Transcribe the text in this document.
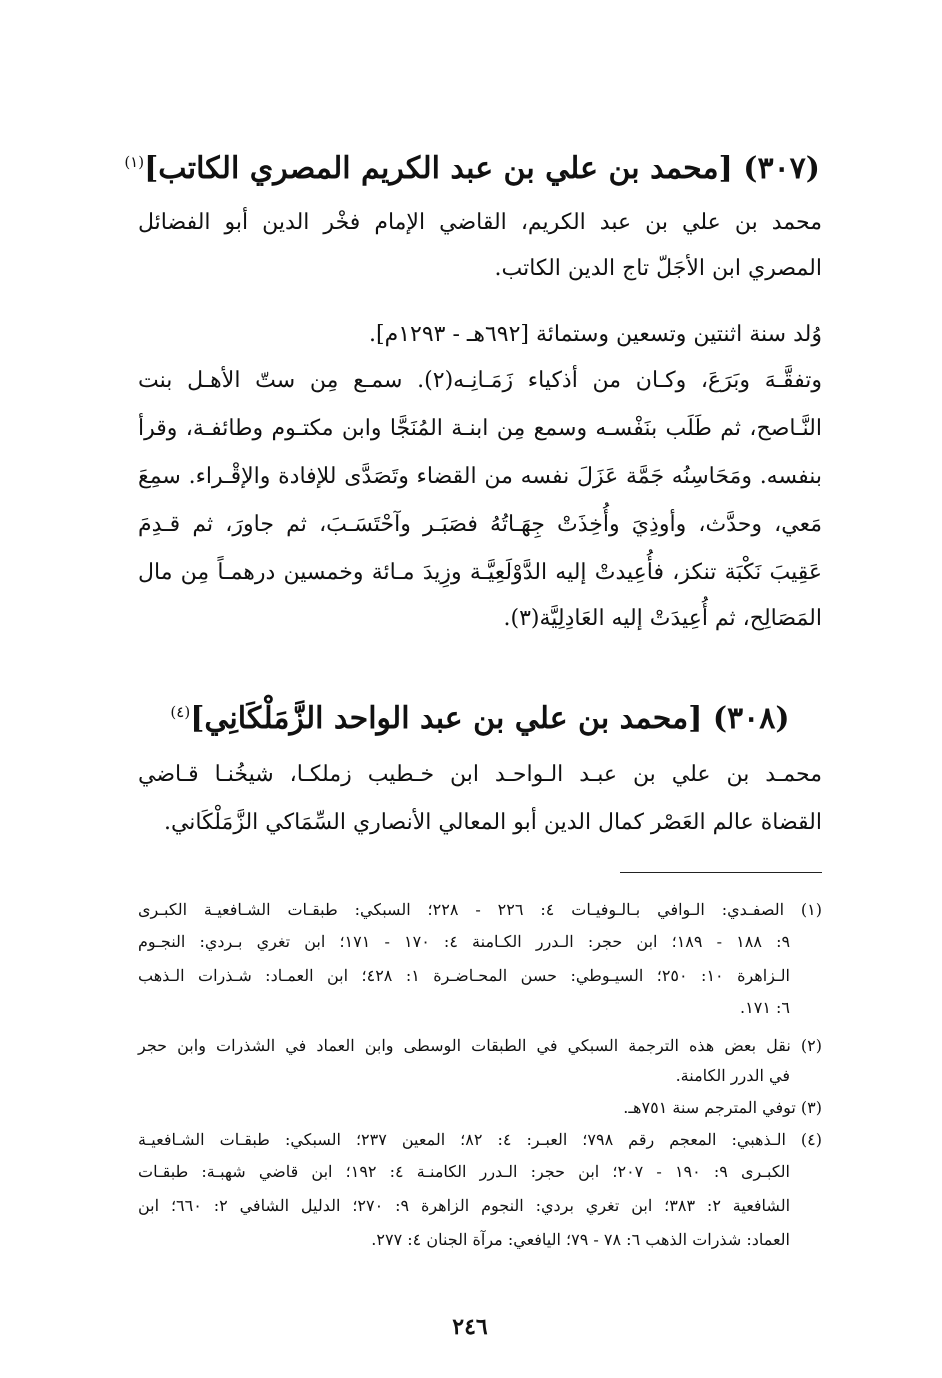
(٣٠٧) [محمد بن علي بن عبد الكريم المصري الكاتب]$^{(١)}$
محمد بن علي بن عبد الكريم، القاضي الإمام فخْر الدين أبو الفضائل
المصري ابن الأجَلّ تاج الدين الكاتب.
وُلد سنة اثنتين وتسعين وستمائة [٦٩٢هـ - ١٢٩٣م].
وتفقَّـهَ وبَرَعَ، وكـان من أذكياء زَمَـانِـه(٢). سمـع مِن ستّ الأهـل بنت
النَّـاصح، ثم طَلَب بنَفْسـه وسمع مِن ابنـة المُنَجَّا وابن مكتـوم وطائفـة، وقرأ
بنفسه. ومَحَاسِنُه جَمَّة عَزَلَ نفسه من القضاء وتَصَدَّى للإفادة والإقْـراء. سمِعَ
مَعي، وحدَّث، وأوذِيَ وأُخِذَتْ جِهَـاتُهُ فصَبَـر وآحْتَسَـبَ، ثم جاورَ، ثم قـدِمَ
عَقِيبَ نَكْبَة تنكز، فأُعِيدتْ إليه الدَّوْلَعِيَّـة وزِيدَ مـائة وخمسين درهمـاً مِن مال
المَصَالِح، ثم أُعِيدَتْ إليه العَادِلِيَّة(٣).
(٣٠٨) [محمد بن علي بن عبد الواحد الزَّمَلْكَانِي]$^{(٤)}$
محمـد بن علي بن عبـد الـواحـد ابن خـطيب زملكـا، شيخُنـا قـاضي
القضاة عالم العَصْر كمال الدين أبو المعالي الأنصاري السِّمَاكي الزَّمَلْكَاني.
(١) الصفـدي: الـوافي بـالـوفيـات ٤: ٢٢٦ - ٢٢٨؛ السبكي: طبقـات الشـافعيـة الكبـرى
٩: ١٨٨ - ١٨٩؛ ابن حجر: الـدرر الكـامنة ٤: ١٧٠ - ١٧١؛ ابن تغري بـردي: النجـوم
الـزاهرة ١٠: ٢٥٠؛ السيـوطي: حسن المحـاضـرة ١: ٤٢٨؛ ابن العمـاد: شـذرات الـذهب
٦: ١٧١.
(٢) نقل بعض هذه الترجمة السبكي في الطبقات الوسطى وابن العماد في الشذرات وابن حجر
في الدرر الكامنة.
(٣) توفي المترجم سنة ٧٥١هـ.
(٤) الـذهبي: المعجم رقم ٧٩٨؛ العبـر: ٤: ٨٢؛ المعين ٢٣٧؛ السبكي: طبقـات الشـافعيـة
الكبـرى ٩: ١٩٠ - ٢٠٧؛ ابن حجر: الـدرر الكامنـة ٤: ١٩٢؛ ابن قاضي شهبـة: طبقـات
الشافعية ٢: ٣٨٣؛ ابن تغري بردي: النجوم الزاهرة ٩: ٢٧٠؛ الدليل الشافي ٢: ٦٦٠؛ ابن
العماد: شذرات الذهب ٦: ٧٨ - ٧٩؛ اليافعي: مرآة الجنان ٤: ٢٧٧.
٢٤٦
